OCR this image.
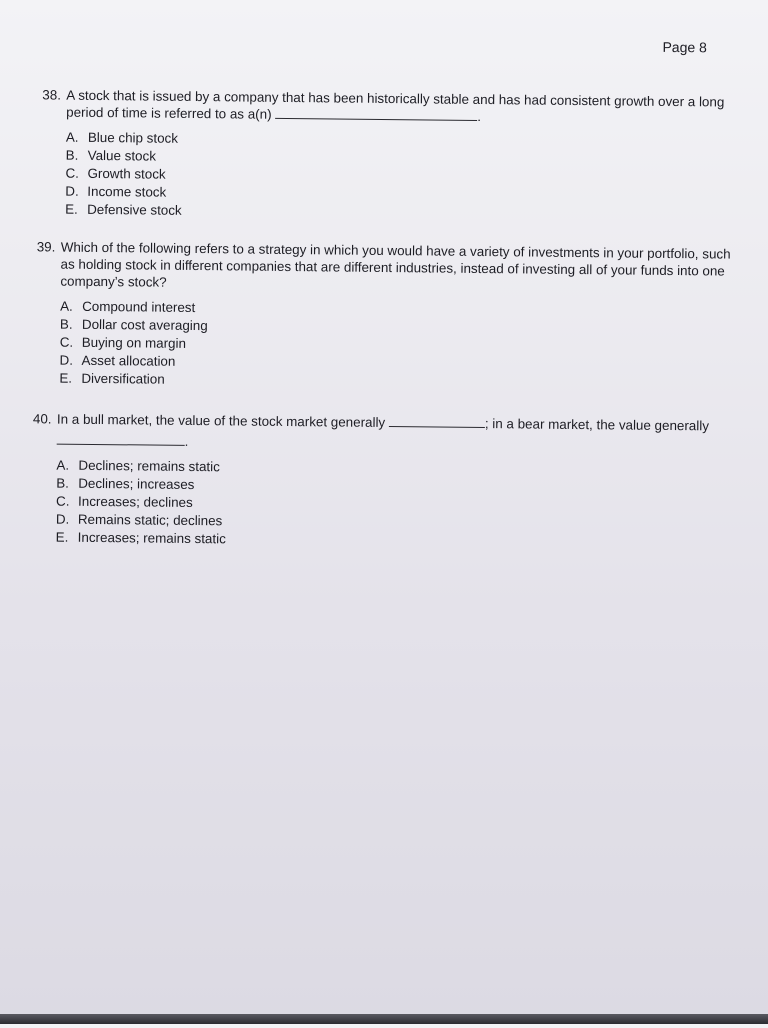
Page 8
38. A stock that is issued by a company that has been historically stable and has had consistent growth over a long period of time is referred to as a(n)	.
A. Blue chip stock
B. Value stock
C. Growth stock
D. Income stock
E. Defensive stock
39. Which of the following refers to a strategy in which you would have a variety of investments in your portfolio, such as holding stock in different companies that are different industries, instead of investing all of your funds into one company’s stock?
A. Compound interest
B. Dollar cost averaging
C. Buying on margin
D. Asset allocation
E. Diversification
40. In a bull market, the value of the stock market generally	; in a bear market, the value generally
.
A. Declines; remains static
B. Declines; increases
C. Increases; declines
D. Remains static; declines
E. Increases; remains static
